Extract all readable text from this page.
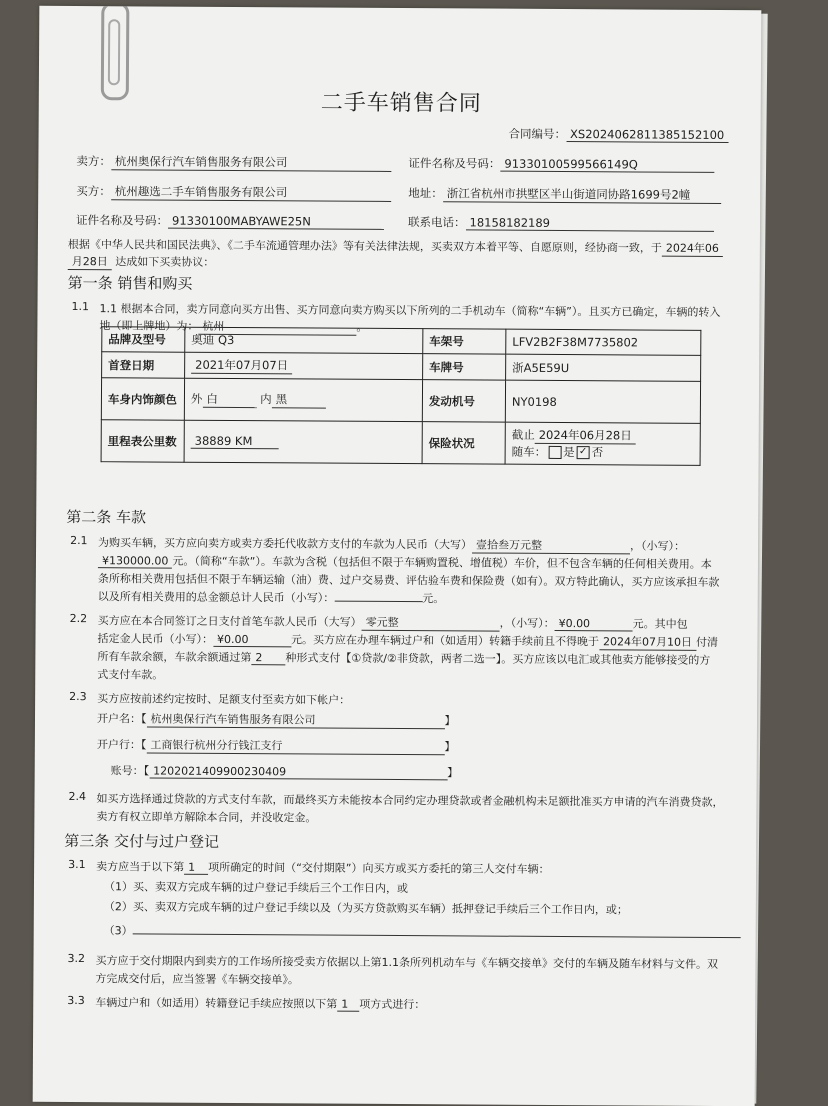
二手车销售合同
合同编号： XS2024062811385152100
卖方： 杭州奥保行汽车销售服务有限公司	证件名称及号码： 91330100599566149Q
买方： 杭州趣选二手车销售服务有限公司	地址： 浙江省杭州市拱墅区半山街道同协路1699号2幢
证件名称及号码： 91330100MABYAWE25N	联系电话： 18158182189
根据《中华人民共和国民法典》、《二手车流通管理办法》等有关法律法规，买卖双方本着平等、自愿原则，经协商一致，于 2024年06
月28日 达成如下买卖协议：
第一条 销售和购买
1.1 1.1 根据本合同，卖方同意向买方出售、买方同意向卖方购买以下所列的二手机动车（简称“车辆”）。且买方已确定，车辆的转入
地（即上牌地）为： 杭州	。
品牌及型号	奥迪 Q3	车架号	LFV2B2F38M7735802
首登日期	2021年07月07日	车牌号	浙A5E59U
车身内饰颜色	外 白 内 黑	发动机号	NY0198
里程表公里数	38889 KM	保险状况	截止 2024年06月28日
随车： 是 ✓ 否
第二条 车款
2.1 为购买车辆，买方应向卖方或卖方委托代收款方支付的车款为人民币（大写） 壹拾叁万元整	，（小写）：
¥130000.00 元。（简称“车款”）。车款为含税（包括但不限于车辆购置税、增值税）车价，但不包含车辆的任何相关费用。本
条所称相关费用包括但不限于车辆运输（油）费、过户交易费、评估验车费和保险费（如有）。双方特此确认，买方应该承担车款
以及所有相关费用的总金额总计人民币（小写）：	元。
2.2 买方应在本合同签订之日支付首笔车款人民币（大写） 零元整	，（小写）： ¥0.00	元。其中包
括定金人民币（小写）： ¥0.00	元。买方应在办理车辆过户和（如适用）转籍手续前且不得晚于 2024年07月10日 付清
所有车款余额，车款余额通过第 2 种形式支付【①贷款/②非贷款，两者二选一】。买方应该以电汇或其他卖方能够接受的方
式支付车款。
2.3 买方应按前述约定按时、足额支付至卖方如下帐户：
开户名：【 杭州奥保行汽车销售服务有限公司	】
开户行：【 工商银行杭州分行钱江支行	】
账号：【 1202021409900230409	】
2.4 如买方选择通过贷款的方式支付车款，而最终买方未能按本合同约定办理贷款或者金融机构未足额批准买方申请的汽车消费贷款，
卖方有权立即单方解除本合同，并没收定金。
第三条 交付与过户登记
3.1 卖方应当于以下第 1 项所确定的时间（“交付期限”）向买方或买方委托的第三人交付车辆：
（1）买、卖双方完成车辆的过户登记手续后三个工作日内，或
（2）买、卖双方完成车辆的过户登记手续以及（为买方贷款购买车辆）抵押登记手续后三个工作日内，或；
（3）
3.2 买方应于交付期限内到卖方的工作场所接受卖方依据以上第1.1条所列机动车与《车辆交接单》交付的车辆及随车材料与文件。双
方完成交付后，应当签署《车辆交接单》。
3.3 车辆过户和（如适用）转籍登记手续应按照以下第 1 项方式进行：
